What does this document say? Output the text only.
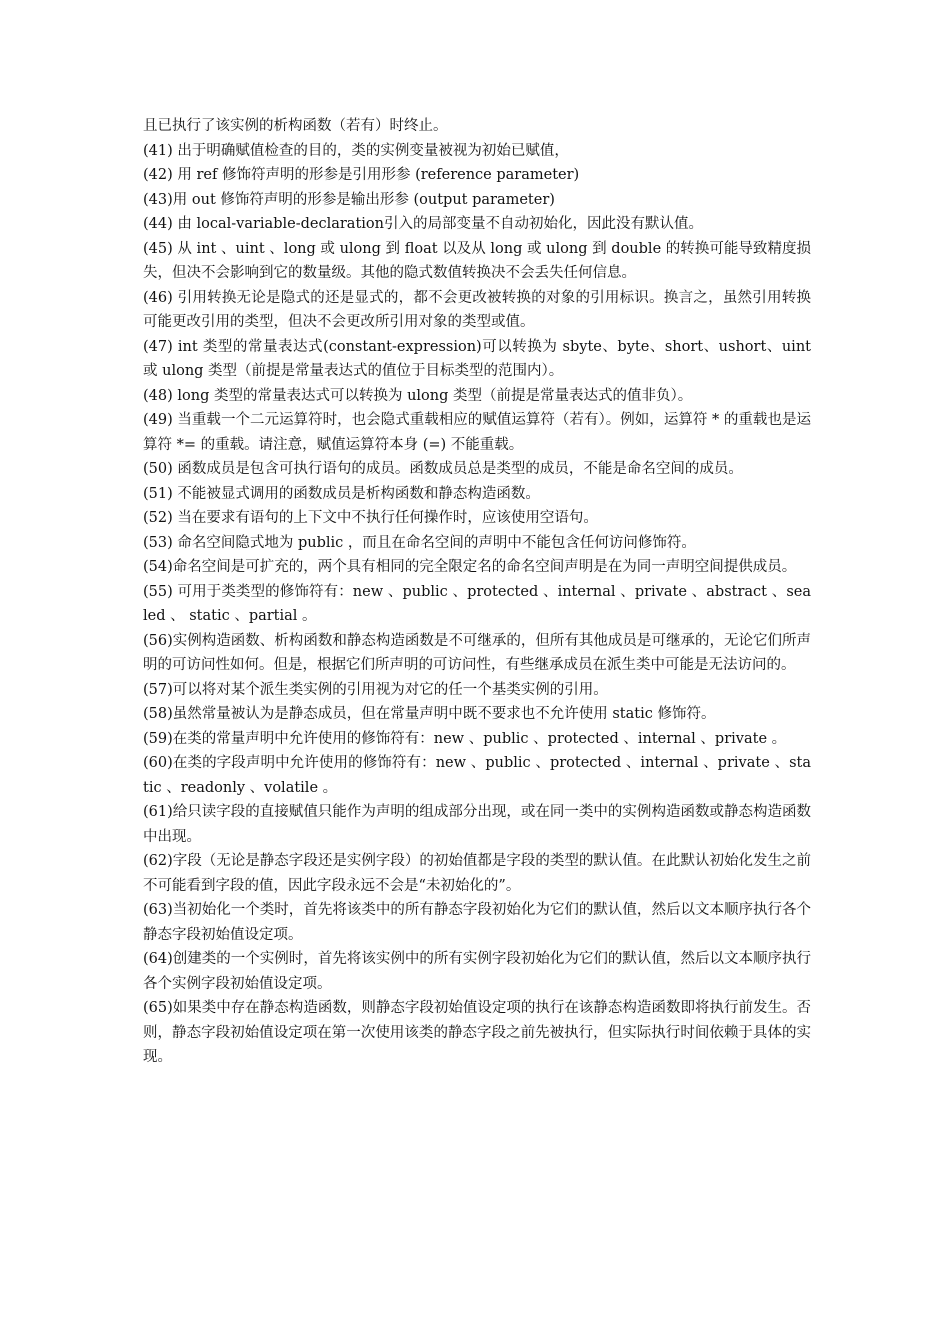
且已执行了该实例的析构函数（若有）时终止。

(41) 出于明确赋值检查的目的，类的实例变量被视为初始已赋值，

(42) 用 ref 修饰符声明的形参是引用形参 (reference parameter)

(43)用 out 修饰符声明的形参是输出形参 (output parameter)

(44) 由 local-variable-declaration引入的局部变量不自动初始化，因此没有默认值。

(45) 从 int 、uint 、long 或 ulong 到 float 以及从 long 或 ulong 到 double 的转换可能导致精度损失，但决不会影响到它的数量级。其他的隐式数值转换决不会丢失任何信息。

(46) 引用转换无论是隐式的还是显式的，都不会更改被转换的对象的引用标识。换言之，虽然引用转换可能更改引用的类型，但决不会更改所引用对象的类型或值。

(47) int 类型的常量表达式(constant-expression)可以转换为 sbyte、byte、short、ushort、uint 或 ulong 类型（前提是常量表达式的值位于目标类型的范围内）。

(48) long 类型的常量表达式可以转换为 ulong 类型（前提是常量表达式的值非负）。

(49) 当重载一个二元运算符时，也会隐式重载相应的赋值运算符（若有）。例如，运算符 * 的重载也是运算符 *= 的重载。请注意，赋值运算符本身 (=) 不能重载。

(50) 函数成员是包含可执行语句的成员。函数成员总是类型的成员，不能是命名空间的成员。

(51) 不能被显式调用的函数成员是析构函数和静态构造函数。

(52) 当在要求有语句的上下文中不执行任何操作时，应该使用空语句。

(53) 命名空间隐式地为 public ，而且在命名空间的声明中不能包含任何访问修饰符。

(54)命名空间是可扩充的，两个具有相同的完全限定名的命名空间声明是在为同一声明空间提供成员。

(55) 可用于类类型的修饰符有：new 、public 、protected 、internal 、private 、abstract 、sealed 、 static 、partial 。

(56)实例构造函数、析构函数和静态构造函数是不可继承的，但所有其他成员是可继承的，无论它们所声明的可访问性如何。但是，根据它们所声明的可访问性，有些继承成员在派生类中可能是无法访问的。

(57)可以将对某个派生类实例的引用视为对它的任一个基类实例的引用。

(58)虽然常量被认为是静态成员，但在常量声明中既不要求也不允许使用 static 修饰符。

(59)在类的常量声明中允许使用的修饰符有：new 、public 、protected 、internal 、private 。

(60)在类的字段声明中允许使用的修饰符有：new 、public 、protected 、internal 、private 、static 、readonly 、volatile 。

(61)给只读字段的直接赋值只能作为声明的组成部分出现，或在同一类中的实例构造函数或静态构造函数中出现。

(62)字段（无论是静态字段还是实例字段）的初始值都是字段的类型的默认值。在此默认初始化发生之前不可能看到字段的值，因此字段永远不会是“未初始化的”。

(63)当初始化一个类时，首先将该类中的所有静态字段初始化为它们的默认值，然后以文本顺序执行各个静态字段初始值设定项。

(64)创建类的一个实例时，首先将该实例中的所有实例字段初始化为它们的默认值，然后以文本顺序执行各个实例字段初始值设定项。

(65)如果类中存在静态构造函数，则静态字段初始值设定项的执行在该静态构造函数即将执行前发生。否则，静态字段初始值设定项在第一次使用该类的静态字段之前先被执行，但实际执行时间依赖于具体的实现。
